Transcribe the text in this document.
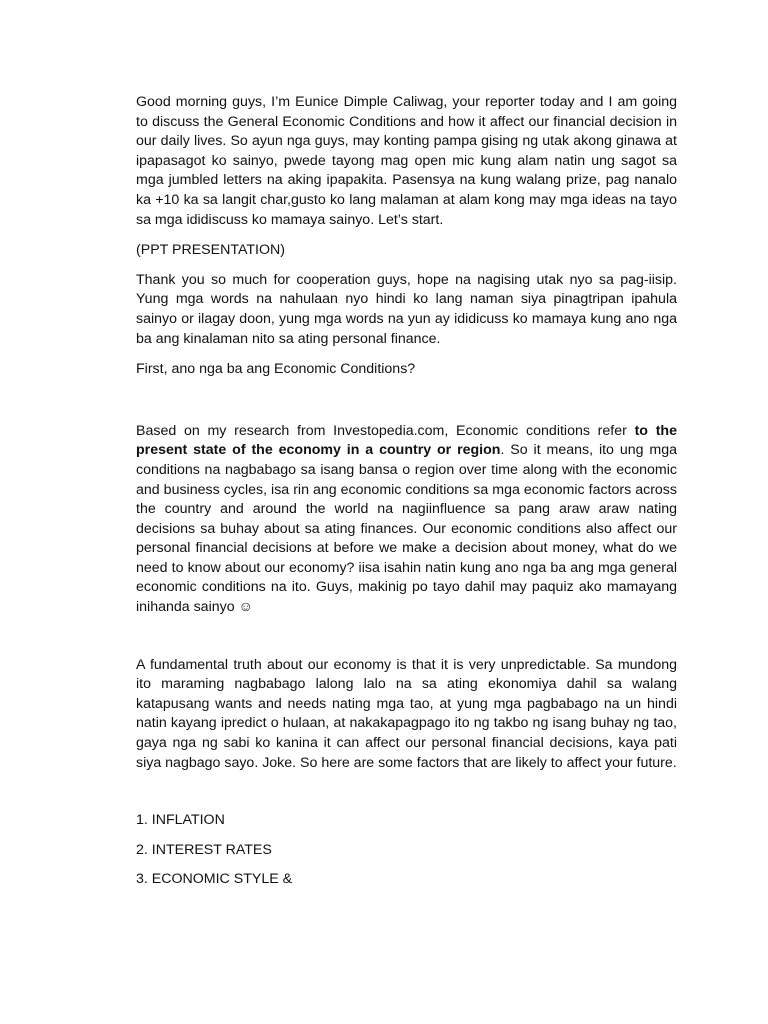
Good morning guys, I’m Eunice Dimple Caliwag, your reporter today and I am going to discuss the General Economic Conditions and how it affect our financial decision in our daily lives. So ayun nga guys, may konting pampa gising ng utak akong ginawa at ipapasagot ko sainyo, pwede tayong mag open mic kung alam natin ung sagot sa mga jumbled letters na aking ipapakita. Pasensya na kung walang prize, pag nanalo ka +10 ka sa langit char,gusto ko lang malaman at alam kong may mga ideas na tayo sa mga ididiscuss ko mamaya sainyo. Let’s start.

(PPT PRESENTATION)

Thank you so much for cooperation guys, hope na nagising utak nyo sa pag-iisip. Yung mga words na nahulaan nyo hindi ko lang naman siya pinagtripan ipahula sainyo or ilagay doon, yung mga words na yun ay ididicuss ko mamaya kung ano nga ba ang kinalaman nito sa ating personal finance.

First, ano nga ba ang Economic Conditions?

Based on my research from Investopedia.com, Economic conditions refer to the present state of the economy in a country or region. So it means, ito ung mga conditions na nagbabago sa isang bansa o region over time along with the economic and business cycles, isa rin ang economic conditions sa mga economic factors across the country and around the world na nagiinfluence sa pang araw araw nating decisions sa buhay about sa ating finances. Our economic conditions also affect our personal financial decisions at before we make a decision about money, what do we need to know about our economy? iisa isahin natin kung ano nga ba ang mga general economic conditions na ito. Guys, makinig po tayo dahil may paquiz ako mamayang inihanda sainyo ☺

A fundamental truth about our economy is that it is very unpredictable. Sa mundong ito maraming nagbabago lalong lalo na sa ating ekonomiya dahil sa walang katapusang wants and needs nating mga tao, at yung mga pagbabago na un hindi natin kayang ipredict o hulaan, at nakakapagpago ito ng takbo ng isang buhay ng tao, gaya nga ng sabi ko kanina it can affect our personal financial decisions, kaya pati siya nagbago sayo. Joke. So here are some factors that are likely to affect your future.

1. INFLATION

2. INTEREST RATES

3. ECONOMIC STYLE &
